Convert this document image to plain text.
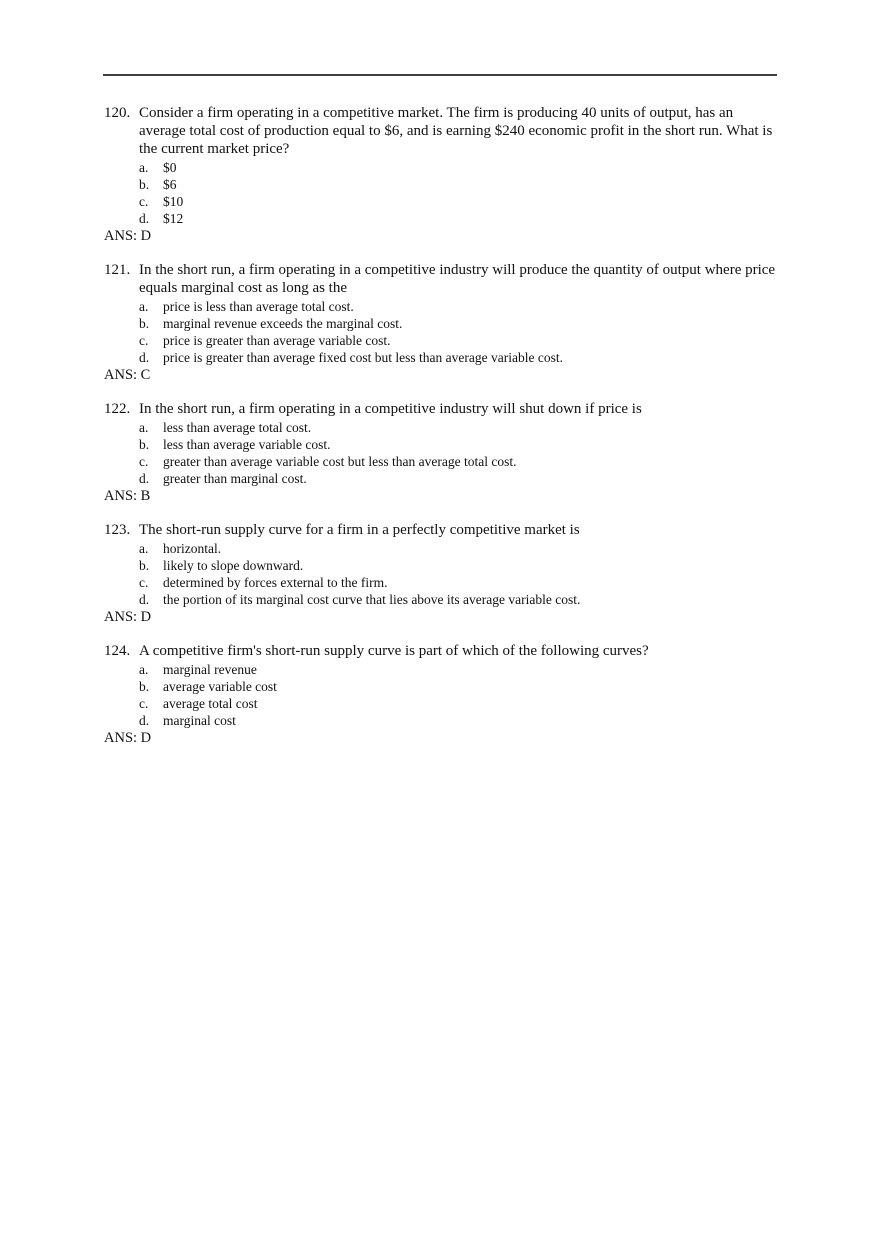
120. Consider a firm operating in a competitive market. The firm is producing 40 units of output, has an average total cost of production equal to $6, and is earning $240 economic profit in the short run. What is the current market price?
a.	$0
b.	$6
c.	$10
d.	$12
ANS: D
121. In the short run, a firm operating in a competitive industry will produce the quantity of output where price equals marginal cost as long as the
a.	price is less than average total cost.
b.	marginal revenue exceeds the marginal cost.
c.	price is greater than average variable cost.
d.	price is greater than average fixed cost but less than average variable cost.
ANS: C
122. In the short run, a firm operating in a competitive industry will shut down if price is
a.	less than average total cost.
b.	less than average variable cost.
c.	greater than average variable cost but less than average total cost.
d.	greater than marginal cost.
ANS: B
123. The short-run supply curve for a firm in a perfectly competitive market is
a.	horizontal.
b.	likely to slope downward.
c.	determined by forces external to the firm.
d.	the portion of its marginal cost curve that lies above its average variable cost.
ANS: D
124. A competitive firm's short-run supply curve is part of which of the following curves?
a.	marginal revenue
b.	average variable cost
c.	average total cost
d.	marginal cost
ANS: D
